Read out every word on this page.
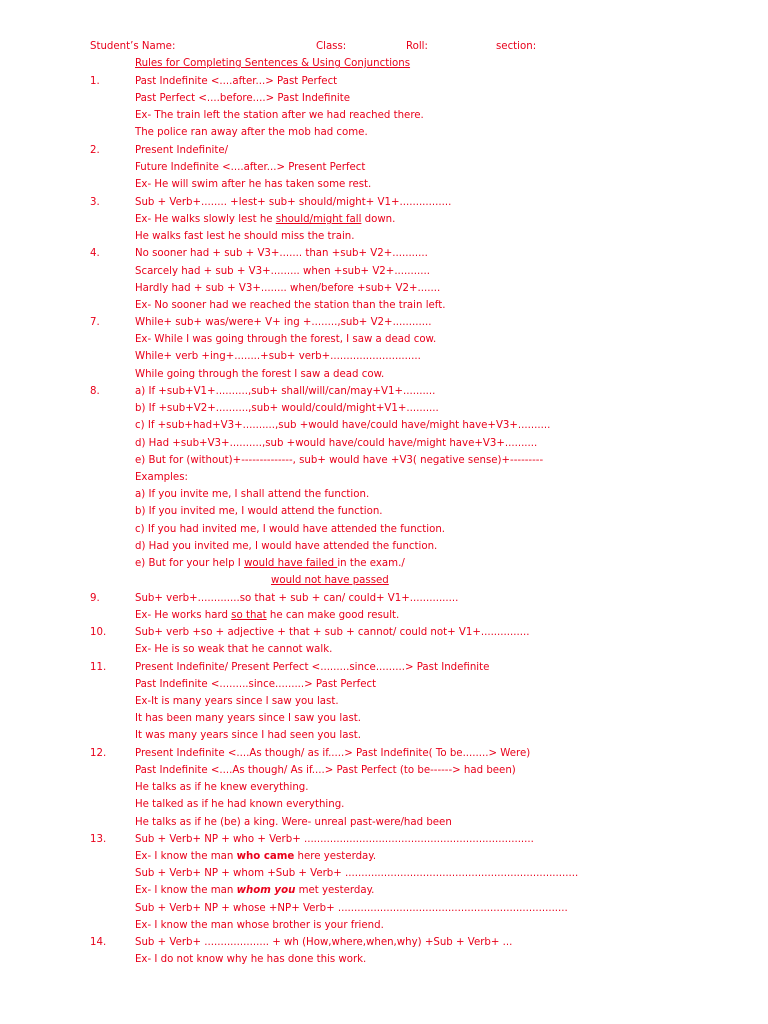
Student’s Name:	Class:	Roll:	section:
Rules for Completing Sentences & Using Conjunctions
1.	Past Indefinite <....after...> Past Perfect
Past Perfect <....before....> Past Indefinite
Ex- The train left the station after we had reached there.
The police ran away after the mob had come.
2.	Present Indefinite/
Future Indefinite <....after...> Present Perfect
Ex- He will swim after he has taken some rest.
3.	Sub + Verb+........ +lest+ sub+ should/might+ V1+................
Ex- He walks slowly lest he should/might fall down.
He walks fast lest he should miss the train.
4.	No sooner had + sub + V3+....... than +sub+ V2+...........
Scarcely had + sub + V3+......... when +sub+ V2+...........
Hardly had + sub + V3+........ when/before +sub+ V2+.......
Ex- No sooner had we reached the station than the train left.
7.	While+ sub+ was/were+ V+ ing +........,sub+ V2+............
Ex- While I was going through the forest, I saw a dead cow.
While+ verb +ing+........+sub+ verb+............................
While going through the forest I saw a dead cow.
8.	a) If +sub+V1+..........,sub+ shall/will/can/may+V1+..........
b) If +sub+V2+..........,sub+ would/could/might+V1+..........
c) If +sub+had+V3+..........,sub +would have/could have/might have+V3+..........
d) Had +sub+V3+..........,sub +would have/could have/might have+V3+..........
e) But for (without)+--------------, sub+ would have +V3( negative sense)+---------
Examples:
a) If you invite me, I shall attend the function.
b) If you invited me, I would attend the function.
c) If you had invited me, I would have attended the function.
d) Had you invited me, I would have attended the function.
e) But for your help I would have failed in the exam./
would not have passed
9.	Sub+ verb+.............so that + sub + can/ could+ V1+...............
Ex- He works hard so that he can make good result.
10.	Sub+ verb +so + adjective + that + sub + cannot/ could not+ V1+...............
Ex- He is so weak that he cannot walk.
11.	Present Indefinite/ Present Perfect <.........since.........> Past Indefinite
Past Indefinite <.........since.........> Past Perfect
Ex-It is many years since I saw you last.
It has been many years since I saw you last.
It was many years since I had seen you last.
12.	Present Indefinite <....As though/ as if.....> Past Indefinite( To be........> Were)
Past Indefinite <....As though/ As if....> Past Perfect (to be------> had been)
He talks as if he knew everything.
He talked as if he had known everything.
He talks as if he (be) a king. Were- unreal past-were/had been
13.	Sub + Verb+ NP + who + Verb+ .......................................................................
Ex- I know the man who came here yesterday.
Sub + Verb+ NP + whom +Sub + Verb+ ........................................................................
Ex- I know the man whom you met yesterday.
Sub + Verb+ NP + whose +NP+ Verb+ .......................................................................
Ex- I know the man whose brother is your friend.
14.	Sub + Verb+ .................... + wh (How,where,when,why) +Sub + Verb+ ...
Ex- I do not know why he has done this work.
